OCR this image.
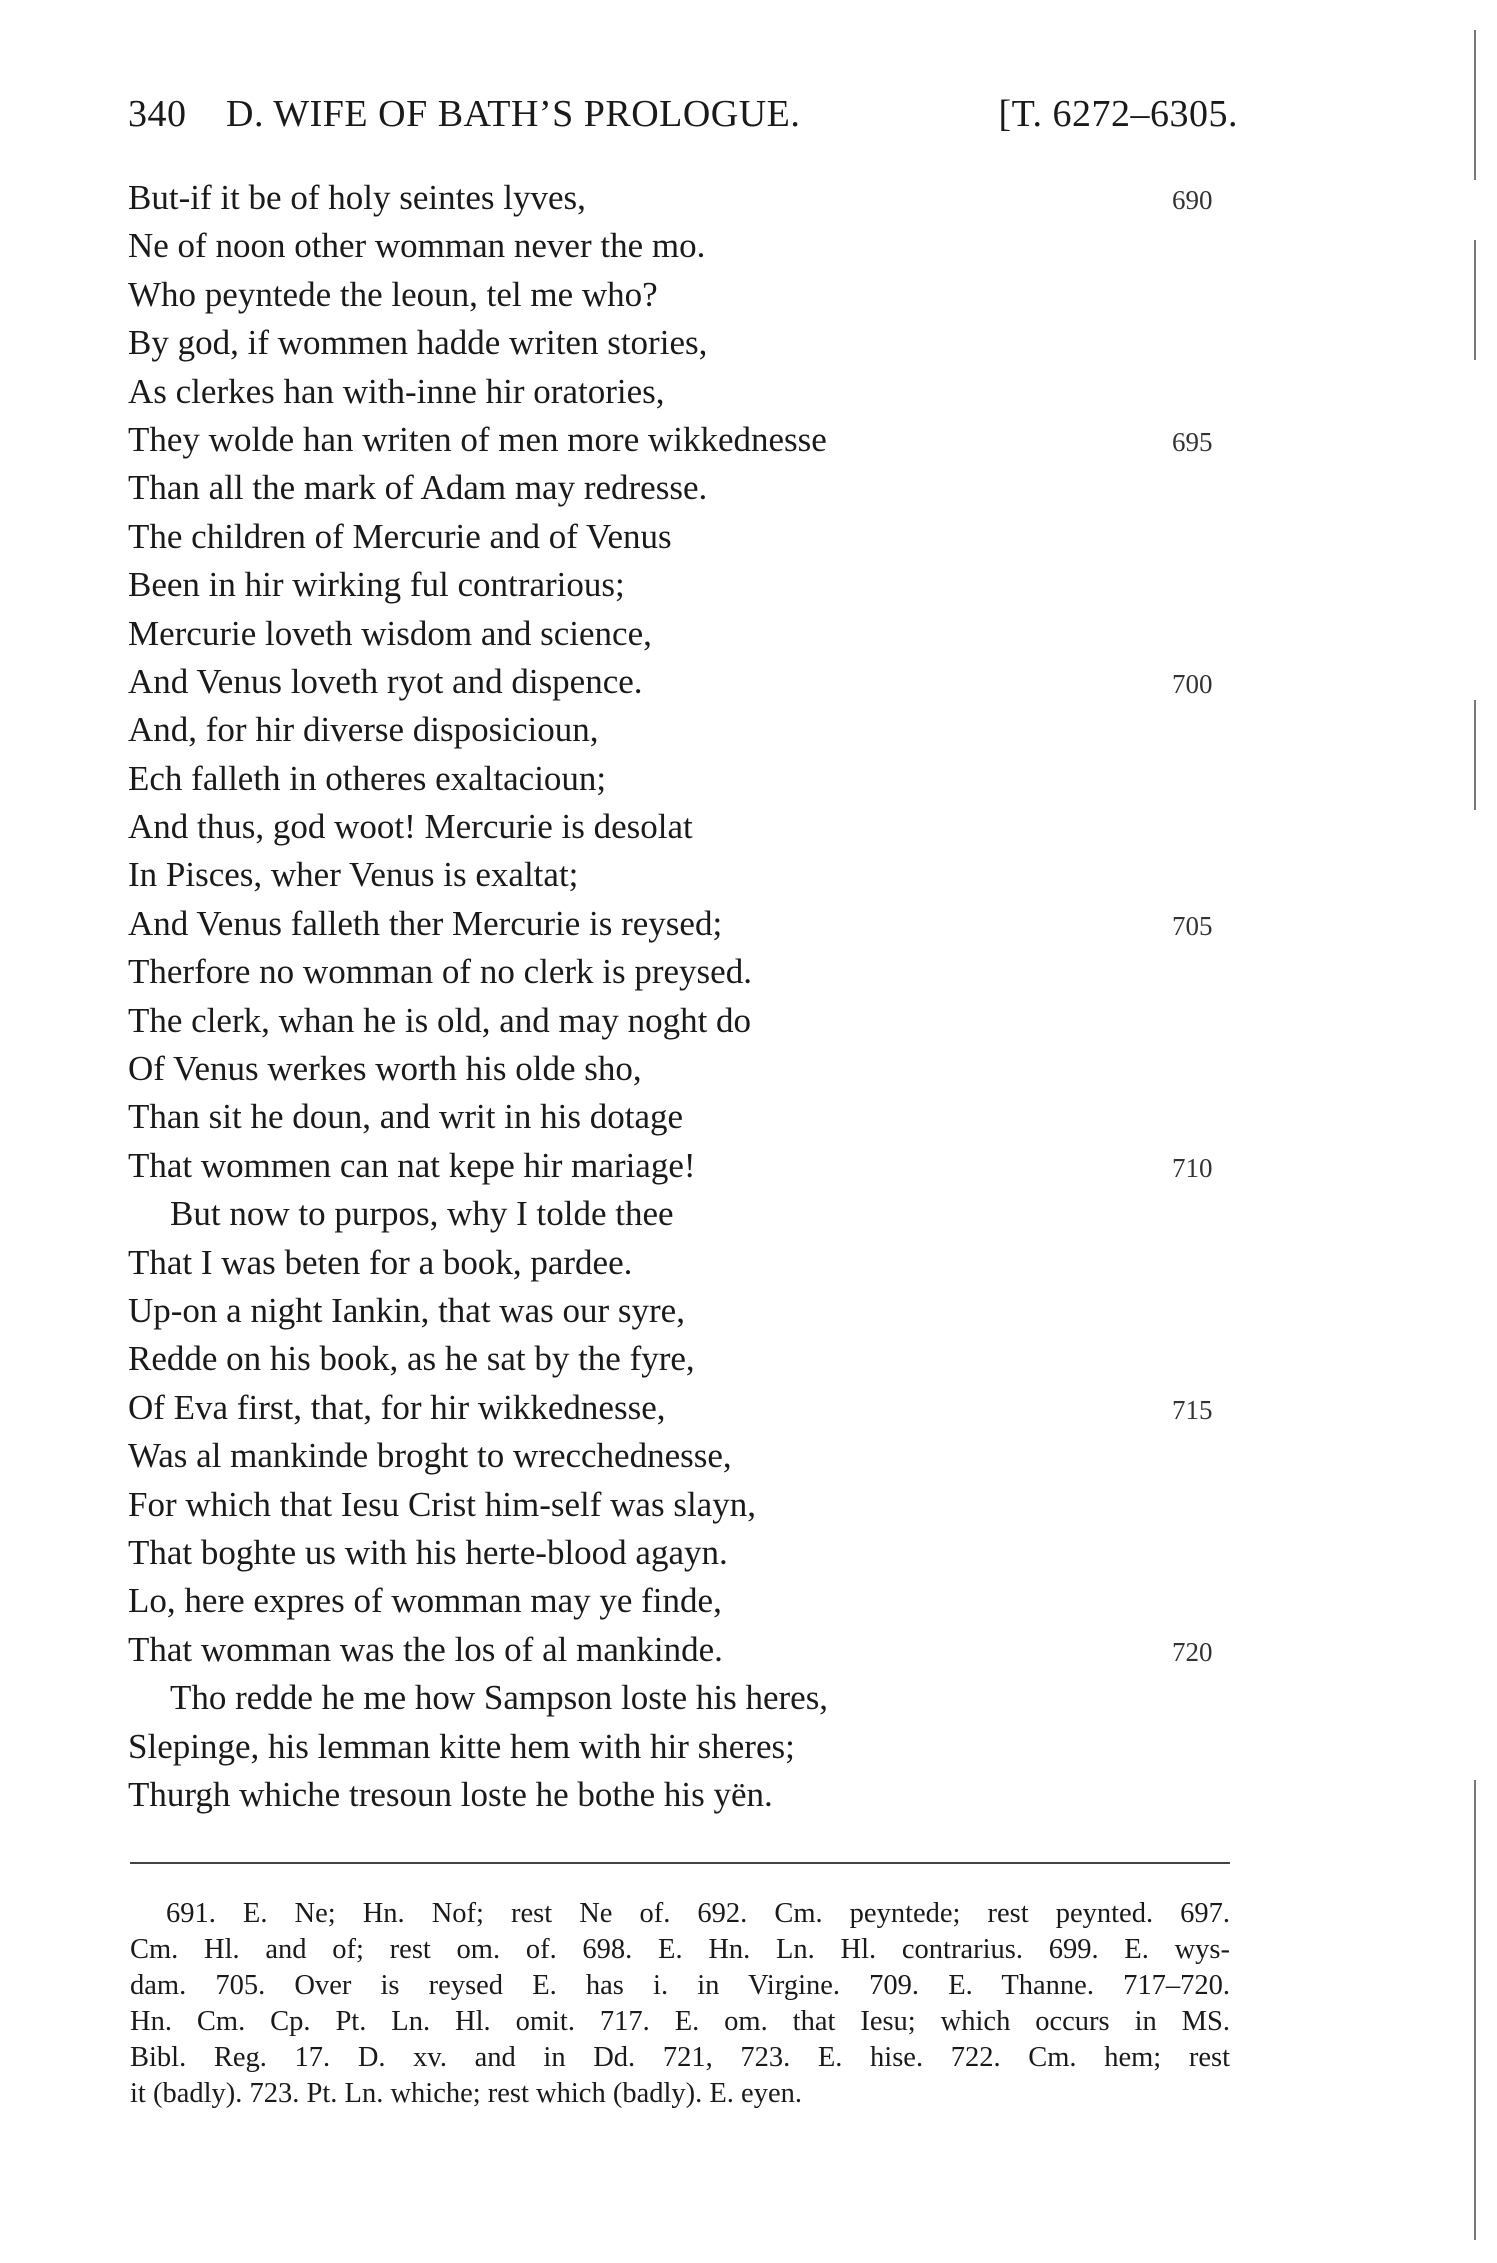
340 D. WIFE OF BATH’S PROLOGUE.	[T. 6272–6305.
But-if it be of holy seintes lyves,	690
Ne of noon other womman never the mo.
Who peyntede the leoun, tel me who?
By god, if wommen hadde writen stories,
As clerkes han with-inne hir oratories,
They wolde han writen of men more wikkednesse	695
Than all the mark of Adam may redresse.
The children of Mercurie and of Venus
Been in hir wirking ful contrarious;
Mercurie loveth wisdom and science,
And Venus loveth ryot and dispence.	700
And, for hir diverse disposicioun,
Ech falleth in otheres exaltacioun;
And thus, god woot! Mercurie is desolat
In Pisces, wher Venus is exaltat;
And Venus falleth ther Mercurie is reysed;	705
Therfore no womman of no clerk is preysed.
The clerk, whan he is old, and may noght do
Of Venus werkes worth his olde sho,
Than sit he doun, and writ in his dotage
That wommen can nat kepe hir mariage!	710
But now to purpos, why I tolde thee
That I was beten for a book, pardee.
Up-on a night Iankin, that was our syre,
Redde on his book, as he sat by the fyre,
Of Eva first, that, for hir wikkednesse,	715
Was al mankinde broght to wrecchednesse,
For which that Iesu Crist him-self was slayn,
That boghte us with his herte-blood agayn.
Lo, here expres of womman may ye finde,
That womman was the los of al mankinde.	720
Tho redde he me how Sampson loste his heres,
Slepinge, his lemman kitte hem with hir sheres;
Thurgh whiche tresoun loste he bothe his yën.
691. E. Ne; Hn. Nof; rest Ne of. 692. Cm. peyntede; rest peynted. 697.
Cm. Hl. and of; rest om. of. 698. E. Hn. Ln. Hl. contrarius. 699. E. wys-
dam. 705. Over is reysed E. has i. in Virgine. 709. E. Thanne. 717–720.
Hn. Cm. Cp. Pt. Ln. Hl. omit. 717. E. om. that Iesu; which occurs in MS.
Bibl. Reg. 17. D. xv. and in Dd. 721, 723. E. hise. 722. Cm. hem; rest
it (badly). 723. Pt. Ln. whiche; rest which (badly). E. eyen.
